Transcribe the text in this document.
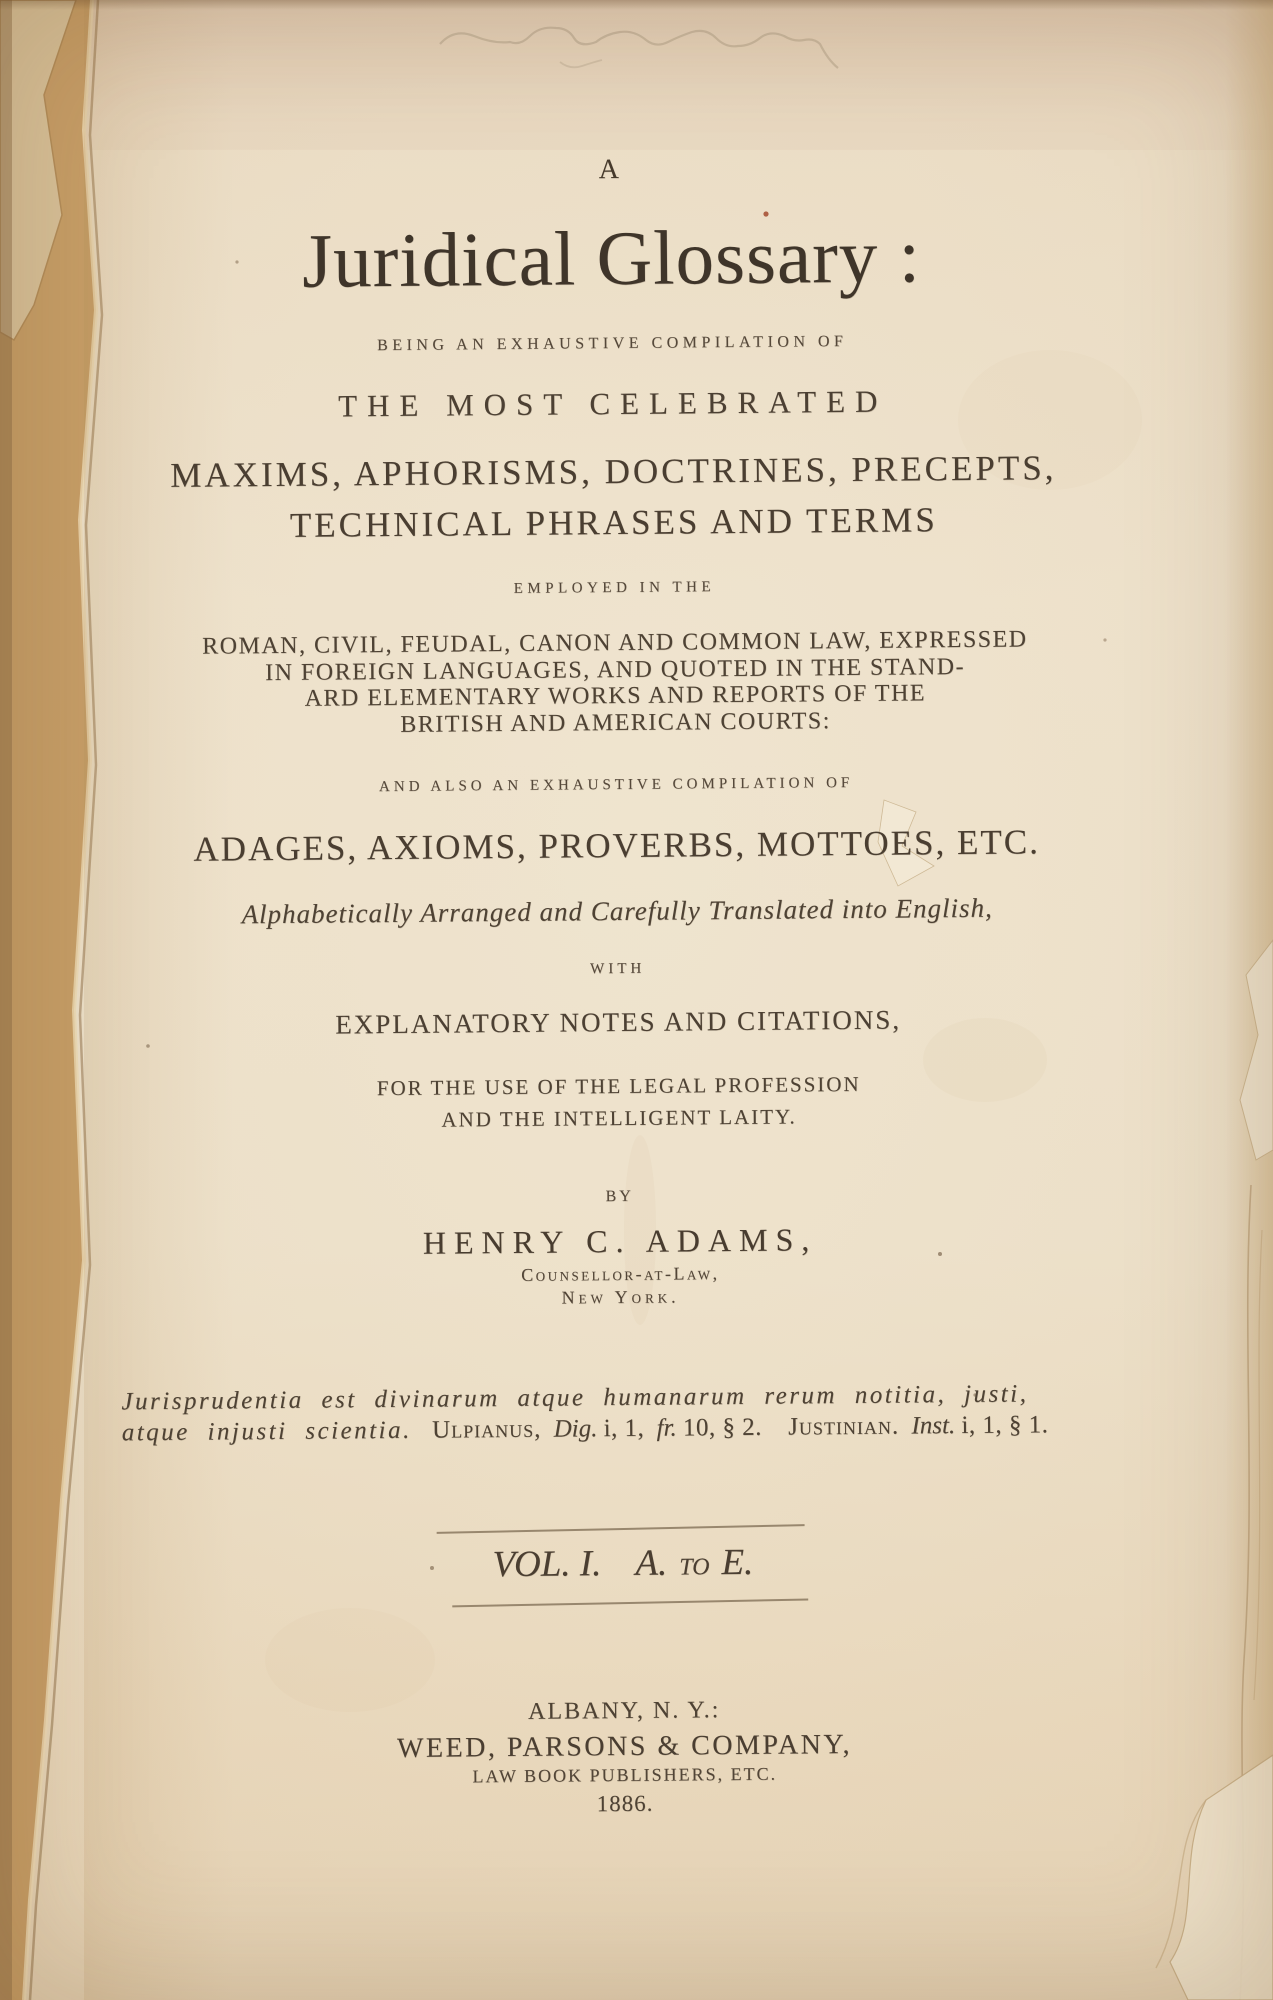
A
Juridical Glossary :
BEING AN EXHAUSTIVE COMPILATION OF
THE MOST CELEBRATED
MAXIMS, APHORISMS, DOCTRINES, PRECEPTS,
TECHNICAL PHRASES AND TERMS
EMPLOYED IN THE
ROMAN, CIVIL, FEUDAL, CANON AND COMMON LAW, EXPRESSED
IN FOREIGN LANGUAGES, AND QUOTED IN THE STAND-
ARD ELEMENTARY WORKS AND REPORTS OF THE
BRITISH AND AMERICAN COURTS:
AND ALSO AN EXHAUSTIVE COMPILATION OF
ADAGES, AXIOMS, PROVERBS, MOTTOES, ETC.
Alphabetically Arranged and Carefully Translated into English,
WITH
EXPLANATORY NOTES AND CITATIONS,
FOR THE USE OF THE LEGAL PROFESSION
AND THE INTELLIGENT LAITY.
BY
HENRY C. ADAMS,
Counsellor-at-Law,
New York.
Jurisprudentia est divinarum atque humanarum rerum notitia, justi,
atque injusti scientia. Ulpianus, Dig. i, 1, fr. 10, § 2. Justinian. Inst. i, 1, § 1.
VOL. I. A. TO E.
ALBANY, N. Y.:
WEED, PARSONS & COMPANY,
LAW BOOK PUBLISHERS, ETC.
1886.
